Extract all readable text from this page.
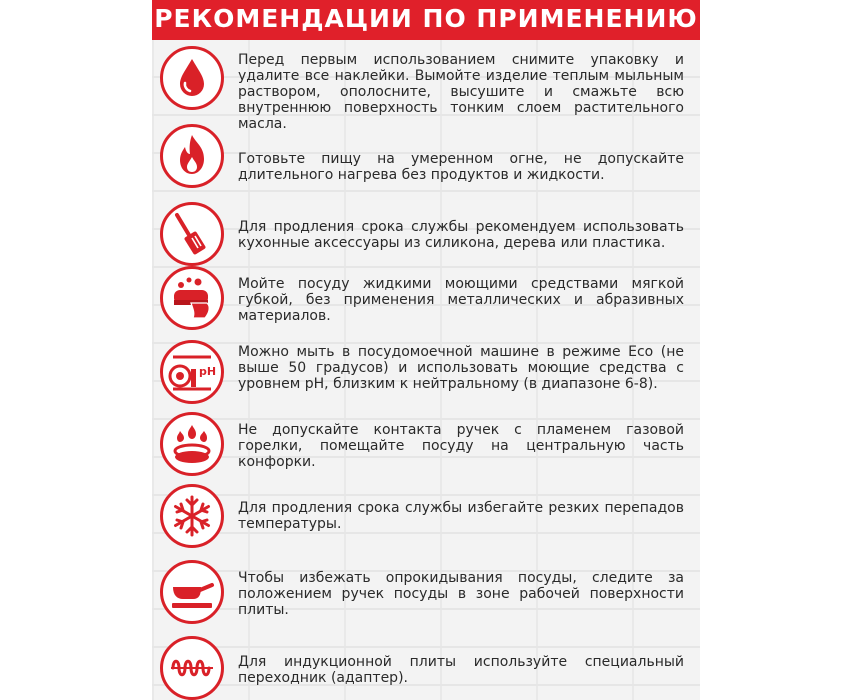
РЕКОМЕНДАЦИИ ПО ПРИМЕНЕНИЮ
Перед первым использованием снимите упаковку и удалите все наклейки. Вымойте изделие теплым мыльным раствором, ополосните, высушите и смажьте всю внутреннюю поверхность тонким слоем растительного масла.
Готовьте пищу на умеренном огне, не допускайте длительного нагрева без продуктов и жидкости.
Для продления срока службы рекомендуем использовать кухонные аксессуары из силикона, дерева или пластика.
Мойте посуду жидкими моющими средствами мягкой губкой, без применения металлических и абразивных материалов.
pH
Можно мыть в посудомоечной машине в режиме Eco (не выше 50 градусов) и использовать моющие средства с уровнем pH, близким к нейтральному (в диапазоне 6-8).
Не допускайте контакта ручек с пламенем газовой горелки, помещайте посуду на центральную часть конфорки.
Для продления срока службы избегайте резких перепадов температуры.
Чтобы избежать опрокидывания посуды, следите за положением ручек посуды в зоне рабочей поверхности плиты.
Для индукционной плиты используйте специальный переходник (адаптер).
